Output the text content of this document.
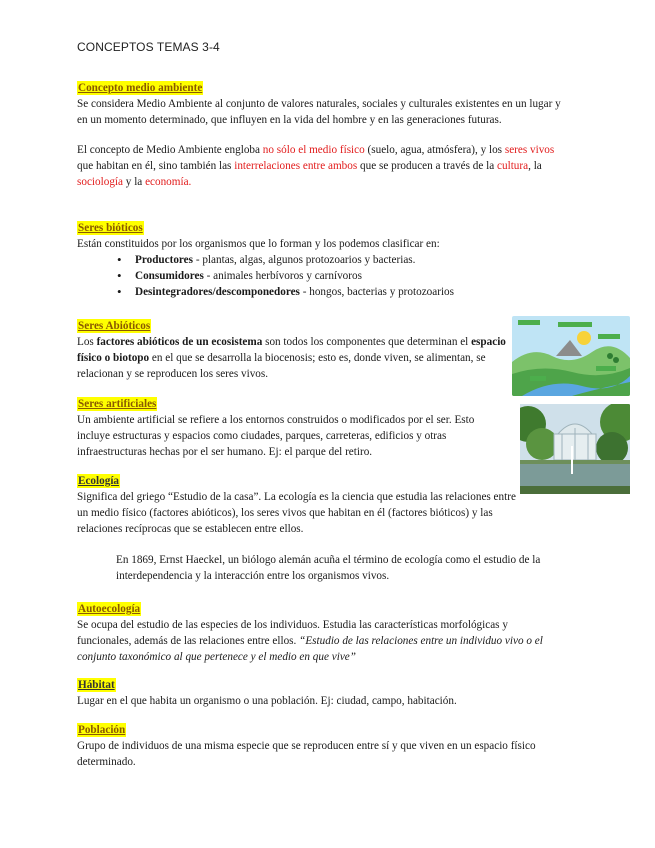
CONCEPTOS TEMAS 3-4
Concepto medio ambiente

Se considera Medio Ambiente al conjunto de valores naturales, sociales y culturales existentes en un lugar y en un momento determinado, que influyen en la vida del hombre y en las generaciones futuras.

El concepto de Medio Ambiente engloba no sólo el medio físico (suelo, agua, atmósfera), y los seres vivos que habitan en él, sino también las interrelaciones entre ambos que se producen a través de la cultura, la sociología y la economía.

Seres bióticos

Están constituidos por los organismos que lo forman y los podemos clasificar en:

• Productores - plantas, algas, algunos protozoarios y bacterias.
• Consumidores - animales herbívoros y carnívoros
• Desintegradores/descomponedores - hongos, bacterias y protozoarios
Seres Abióticos

Los factores abióticos de un ecosistema son todos los componentes que determinan el espacio físico o biotopo en el que se desarrolla la biocenosis; esto es, donde viven, se alimentan, se relacionan y se reproducen los seres vivos.

Seres artificiales

Un ambiente artificial se refiere a los entornos construidos o modificados por el ser. Esto incluye estructuras y espacios como ciudades, parques, carreteras, edificios y otras infraestructuras hechas por el ser humano. Ej: el parque del retiro.

Ecología

Significa del griego “Estudio de la casa”. La ecología es la ciencia que estudia las relaciones entre un medio físico (factores abióticos), los seres vivos que habitan en él (factores bióticos) y las relaciones recíprocas que se establecen entre ellos.

En 1869, Ernst Haeckel, un biólogo alemán acuña el término de ecología como el estudio de la interdependencia y la interacción entre los organismos vivos.

Autoecología

Se ocupa del estudio de las especies de los individuos. Estudia las características morfológicas y funcionales, además de las relaciones entre ellos. “Estudio de las relaciones entre un individuo vivo o el conjunto taxonómico al que pertenece y el medio en que vive”

Hábitat

Lugar en el que habita un organismo o una población. Ej: ciudad, campo, habitación.

Población

Grupo de individuos de una misma especie que se reproducen entre sí y que viven en un espacio físico determinado.
